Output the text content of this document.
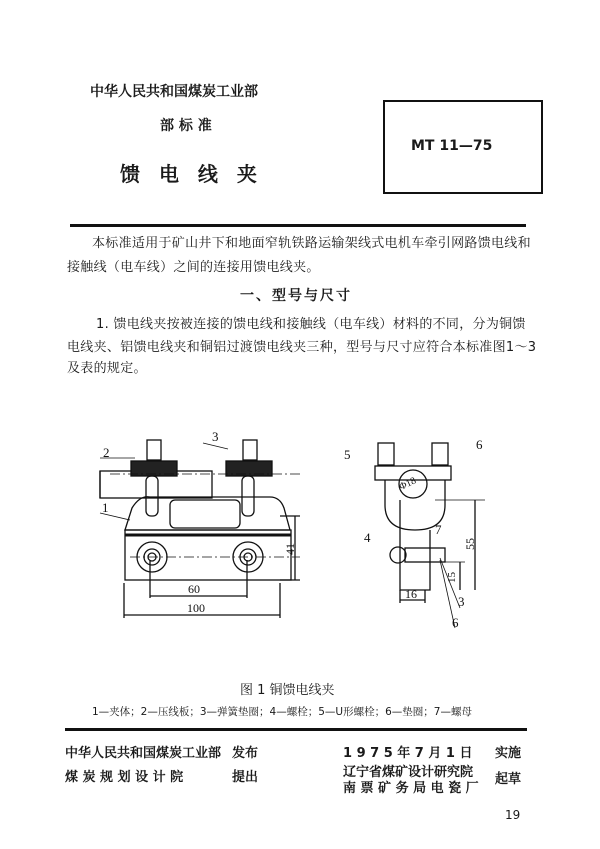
中华人民共和国煤炭工业部
部 标 准
馈 电 线 夹
MT 11—75
本标准适用于矿山井下和地面窄轨铁路运输架线式电机车牵引网路馈电线和
接触线（电车线）之间的连接用馈电线夹。
一、型号与尺寸
1. 馈电线夹按被连接的馈电线和接触线（电车线）材料的不同，分为铜馈
电线夹、铝馈电线夹和铜铝过渡馈电线夹三种，型号与尺寸应符合本标准图1～3
及表的规定。
2
3
1
60
100
41
5
6
Φ18
4
7
55
15
16	3
6
图 1 铜馈电线夹
1—夹体；2—压线板；3—弹簧垫圈；4—螺栓；5—U形螺栓；6—垫圈；7—螺母
中华人民共和国煤炭工业部 发布
煤 炭 规 划 设 计 院	提出
1 9 7 5 年 7 月 1 日 实施
辽宁省煤矿设计研究院
南 票 矿 务 局 电 瓷 厂
起草
19
